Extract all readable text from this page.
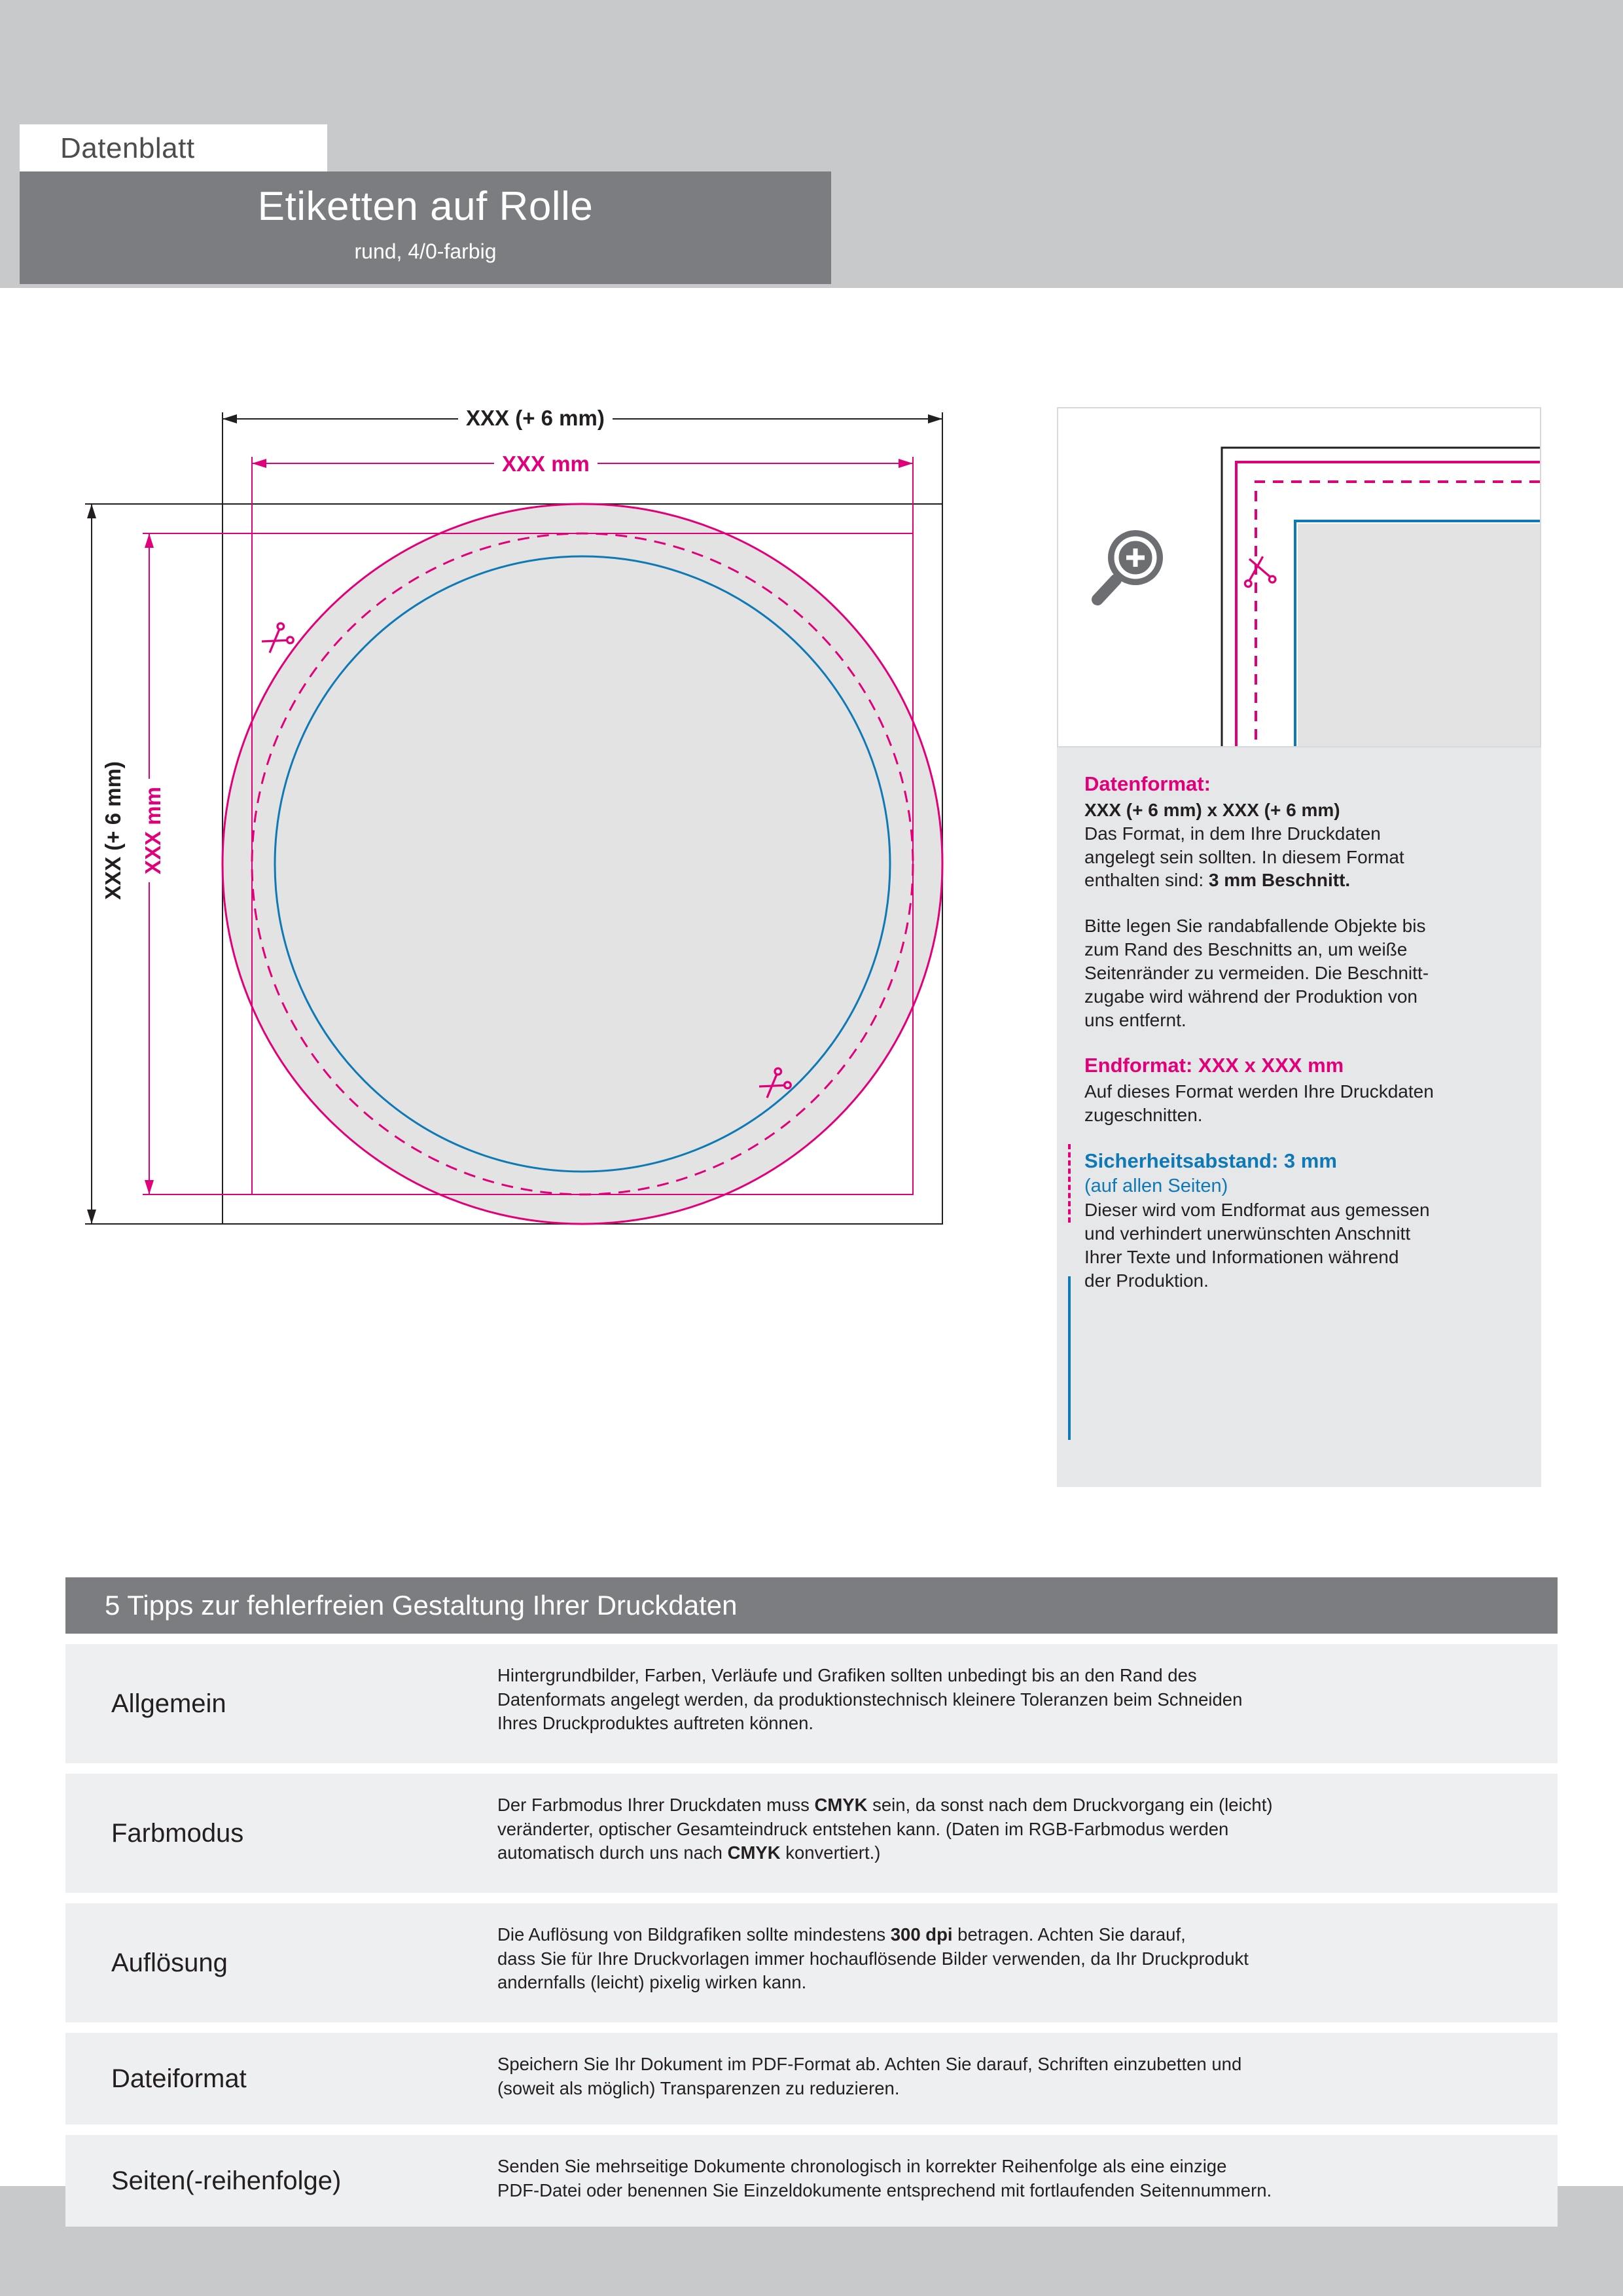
Datenblatt
Etiketten auf Rolle
rund, 4/0-farbig
XXX (+ 6 mm)
XXX mm
XXX (+ 6 mm) XXX mm
Datenformat:
XXX (+ 6 mm) x XXX (+ 6 mm)
Das Format, in dem Ihre Druckdaten
angelegt sein sollten. In diesem Format
enthalten sind: 3 mm Beschnitt.
Bitte legen Sie randabfallende Objekte bis
zum Rand des Beschnitts an, um weiße
Seitenränder zu vermeiden. Die Beschnitt-
zugabe wird während der Produktion von
uns entfernt.
Endformat: XXX x XXX mm
Auf dieses Format werden Ihre Druckdaten
zugeschnitten.
Sicherheitsabstand: 3 mm
(auf allen Seiten)
Dieser wird vom Endformat aus gemessen
und verhindert unerwünschten Anschnitt
Ihrer Texte und Informationen während
der Produktion.
5 Tipps zur fehlerfreien Gestaltung Ihrer Druckdaten
Allgemein
Hintergrundbilder, Farben, Verläufe und Grafiken sollten unbedingt bis an den Rand des
Datenformats angelegt werden, da produktionstechnisch kleinere Toleranzen beim Schneiden
Ihres Druckproduktes auftreten können.
Farbmodus
Der Farbmodus Ihrer Druckdaten muss CMYK sein, da sonst nach dem Druckvorgang ein (leicht)
veränderter, optischer Gesamteindruck entstehen kann. (Daten im RGB-Farbmodus werden
automatisch durch uns nach CMYK konvertiert.)
Auflösung
Die Auflösung von Bildgrafiken sollte mindestens 300 dpi betragen. Achten Sie darauf,
dass Sie für Ihre Druckvorlagen immer hochauflösende Bilder verwenden, da Ihr Druckprodukt
andernfalls (leicht) pixelig wirken kann.
Dateiformat	Speichern Sie Ihr Dokument im PDF-Format ab. Achten Sie darauf, Schriften einzubetten und
(soweit als möglich) Transparenzen zu reduzieren.
Seiten(-reihenfolge)	Senden Sie mehrseitige Dokumente chronologisch in korrekter Reihenfolge als eine einzige
PDF-Datei oder benennen Sie Einzeldokumente entsprechend mit fortlaufenden Seitennummern.
